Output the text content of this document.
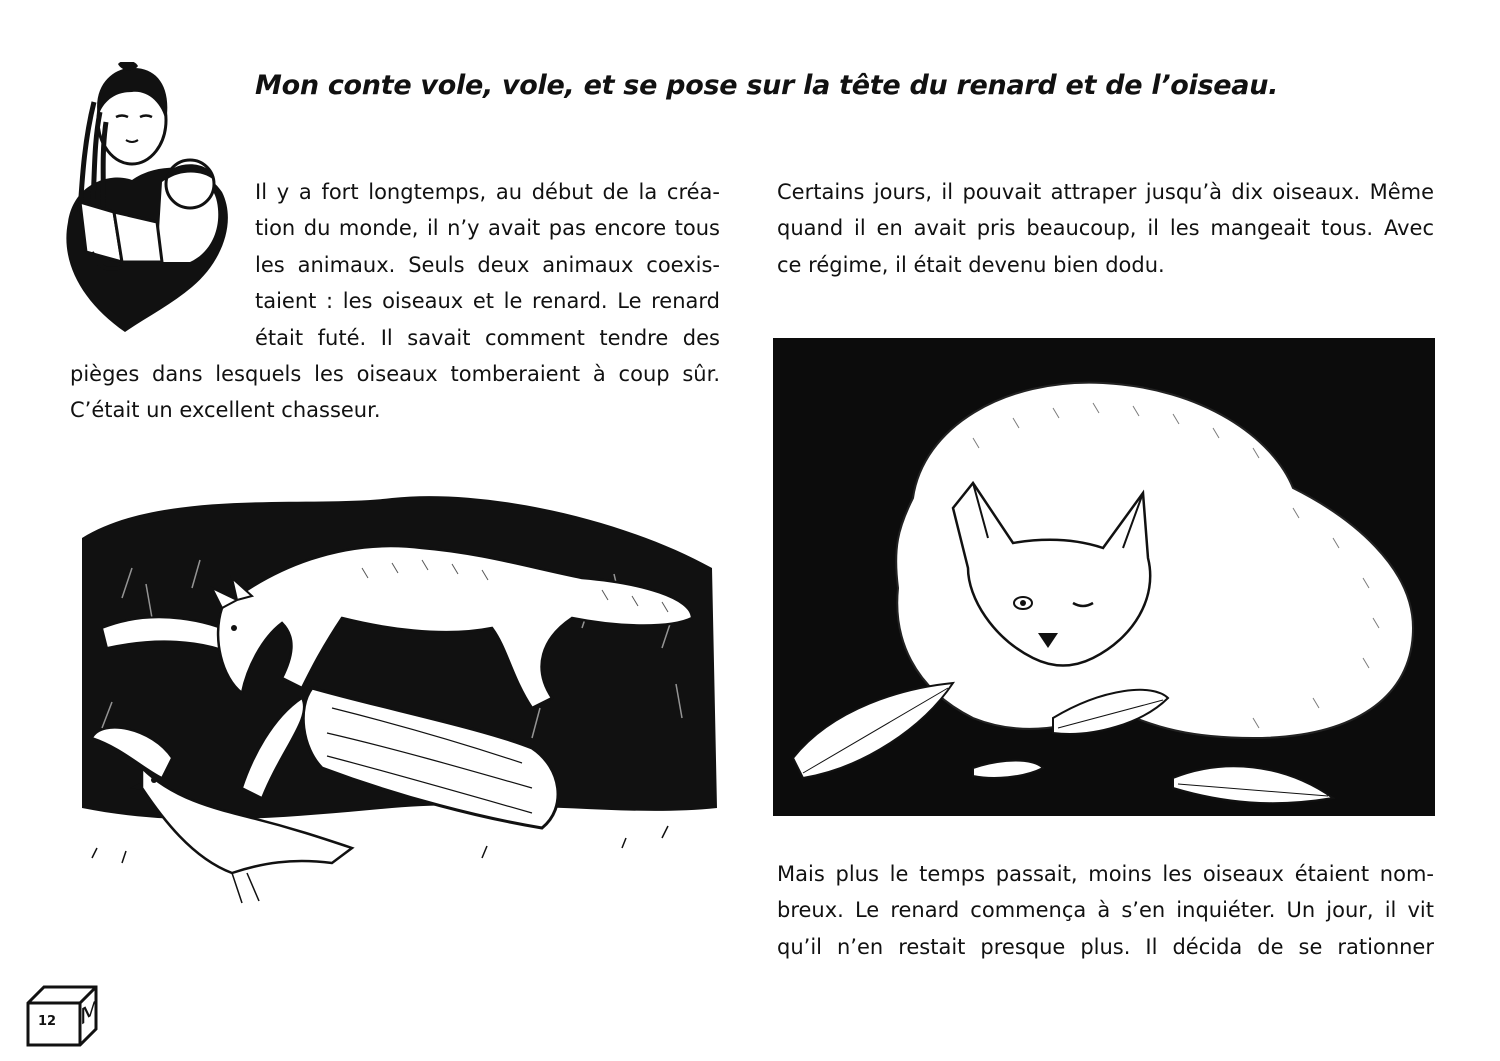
Mon conte vole, vole, et se pose sur la tête du renard et de l’oiseau.
Il y a fort longtemps, au début de la créa-
tion du monde, il n’y avait pas encore tous
les animaux. Seuls deux animaux coexis-
taient : les oiseaux et le renard. Le renard
était futé. Il savait comment tendre des
pièges dans lesquels les oiseaux tomberaient à coup sûr.
C’était un excellent chasseur.
Certains jours, il pouvait attraper jusqu’à dix oiseaux. Même
quand il en avait pris beaucoup, il les mangeait tous. Avec
ce régime, il était devenu bien dodu.
Mais plus le temps passait, moins les oiseaux étaient nom-
breux. Le renard commença à s’en inquiéter. Un jour, il vit
qu’il n’en restait presque plus. Il décida de se rationner
12 M
